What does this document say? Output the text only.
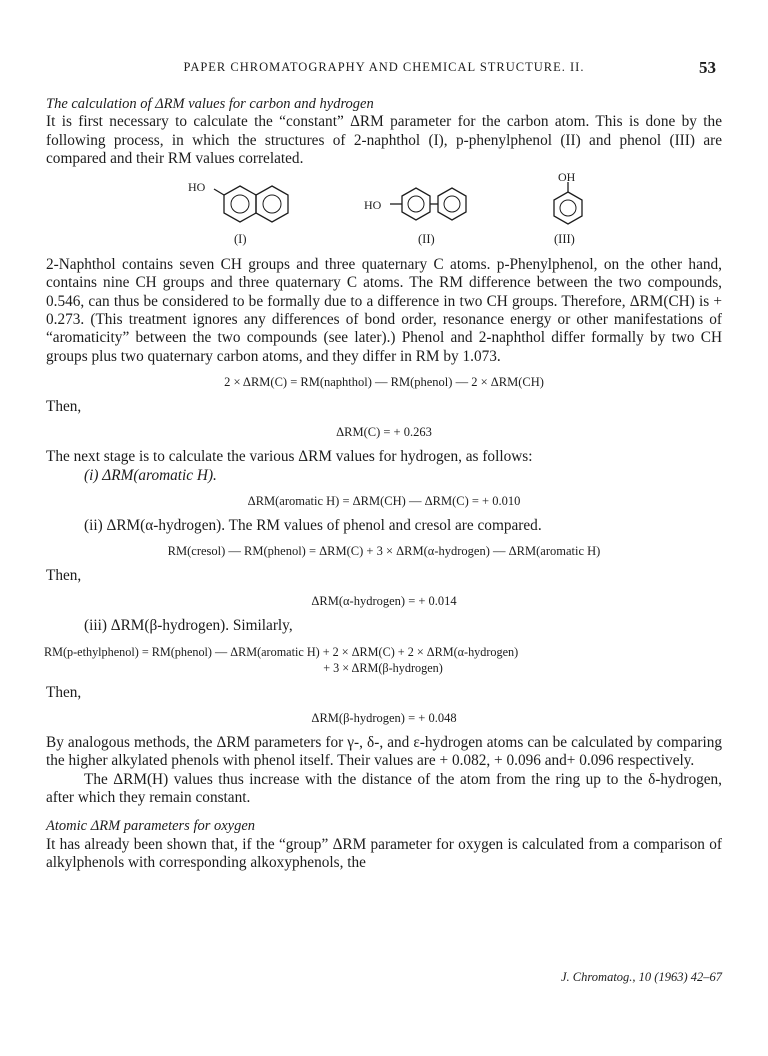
PAPER CHROMATOGRAPHY AND CHEMICAL STRUCTURE. II.	53

The calculation of ΔRM values for carbon and hydrogen

It is first necessary to calculate the “constant” ΔRM parameter for the carbon atom. This is done by the following process, in which the structures of 2-naphthol (I), p-phenylphenol (II) and phenol (III) are compared and their RM values correlated.

HO
(I)
HO
(II)
OH
(III)

2-Naphthol contains seven CH groups and three quaternary C atoms. p-Phenylphenol, on the other hand, contains nine CH groups and three quaternary C atoms. The RM difference between the two compounds, 0.546, can thus be considered to be formally due to a difference in two CH groups. Therefore, ΔRM(CH) is + 0.273. (This treatment ignores any differences of bond order, resonance energy or other manifestations of “aromaticity” between the two compounds (see later).) Phenol and 2-naphthol differ formally by two CH groups plus two quaternary carbon atoms, and they differ in RM by 1.073.

2 × ΔRM(C) = RM(naphthol) — RM(phenol) — 2 × ΔRM(CH)

Then,

ΔRM(C) = + 0.263

The next stage is to calculate the various ΔRM values for hydrogen, as follows:

(i) ΔRM(aromatic H).

ΔRM(aromatic H) = ΔRM(CH) — ΔRM(C) = + 0.010

(ii) ΔRM(α-hydrogen). The RM values of phenol and cresol are compared.

RM(cresol) — RM(phenol) = ΔRM(C) + 3 × ΔRM(α-hydrogen) — ΔRM(aromatic H)

Then,

ΔRM(α-hydrogen) = + 0.014

(iii) ΔRM(β-hydrogen). Similarly,

RM(p-ethylphenol) = RM(phenol) — ΔRM(aromatic H) + 2 × ΔRM(C) + 2 × ΔRM(α-hydrogen)
+ 3 × ΔRM(β-hydrogen)

Then,

ΔRM(β-hydrogen) = + 0.048

By analogous methods, the ΔRM parameters for γ-, δ-, and ε-hydrogen atoms can be calculated by comparing the higher alkylated phenols with phenol itself. Their values are + 0.082, + 0.096 and+ 0.096 respectively.

The ΔRM(H) values thus increase with the distance of the atom from the ring up to the δ-hydrogen, after which they remain constant.

Atomic ΔRM parameters for oxygen

It has already been shown that, if the “group” ΔRM parameter for oxygen is calculated from a comparison of alkylphenols with corresponding alkoxyphenols, the

J. Chromatog., 10 (1963) 42–67
